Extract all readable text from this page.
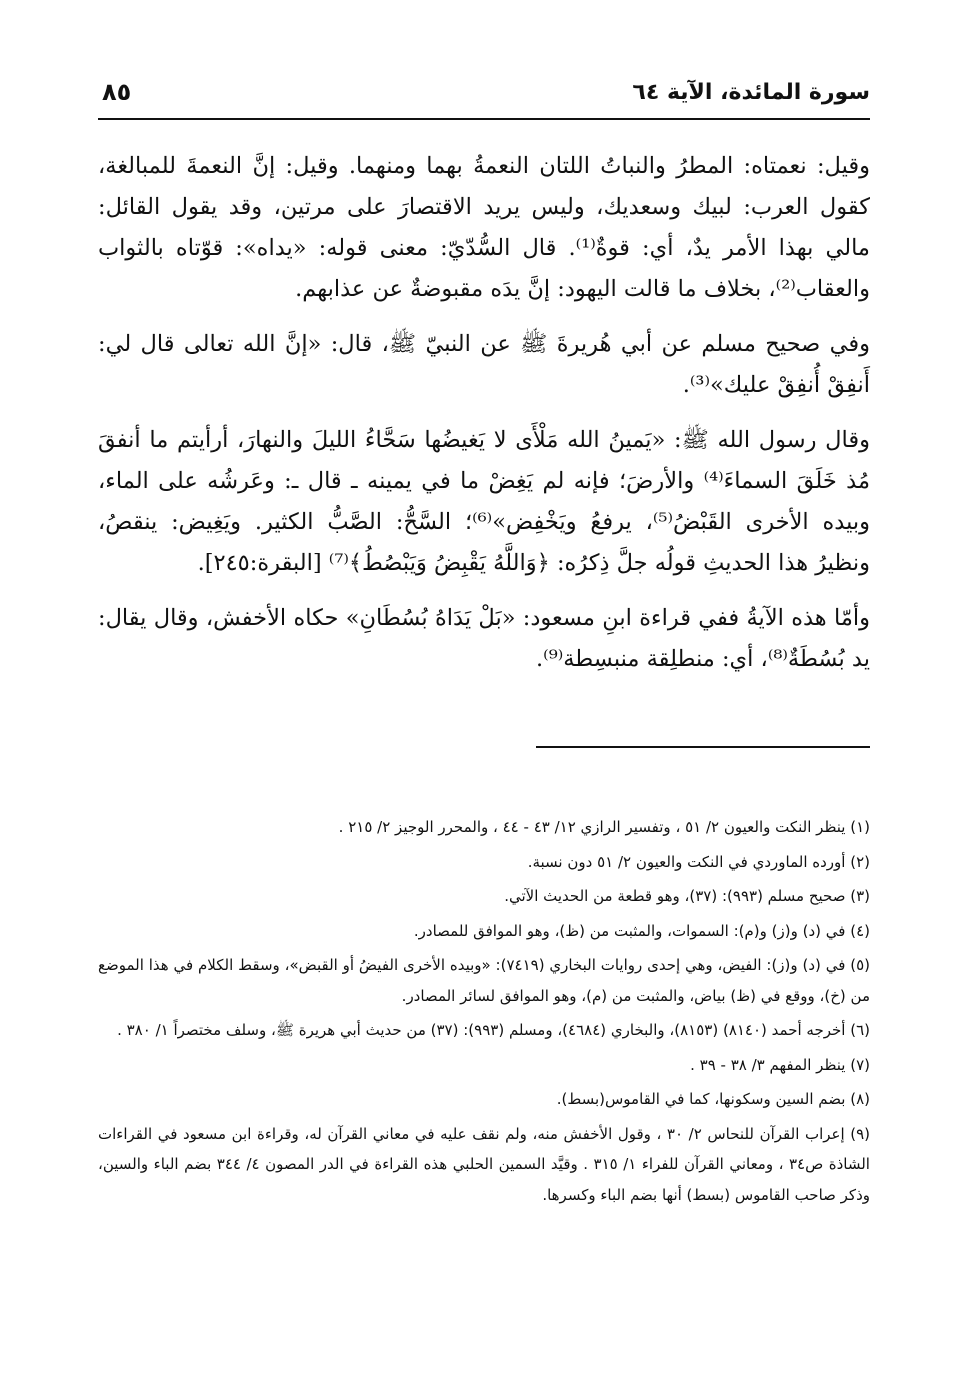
سورة المائدة، الآية ٦٤
٨٥

وقيل: نعمتاه: المطرُ والنباتُ اللتان النعمةُ بهما ومنهما. وقيل: إنَّ النعمةَ للمبالغة، كقول العرب: لبيك وسعديك، وليس يريد الاقتصارَ على مرتين، وقد يقول القائل: مالي بهذا الأمر يدٌ، أي: قوةٌ⁽¹⁾. قال السُّدّيّ: معنى قوله: «يداه»: قوّتاه بالثواب والعقاب⁽²⁾، بخلاف ما قالت اليهود: إنَّ يدَه مقبوضةٌ عن عذابهم.

وفي صحيح مسلم عن أبي هُريرةَ ﷺ عن النبيّ ﷺ، قال: «إنَّ الله تعالى قال لي: أَنفِقْ أُنفِقْ عليك»⁽³⁾.

وقال رسول الله ﷺ: «يَمينُ الله مَلْأَى لا يَغيضُها سَحَّاءُ الليلَ والنهارَ، أرأيتم ما أنفقَ مُذ خَلَقَ السماءَ⁽⁴⁾ والأرضَ؛ فإنه لم يَغِضْ ما في يمينه ـ قال ـ: وعَرشُه على الماء، وبيده الأخرى القَبْضُ⁽⁵⁾، يرفعُ ويَخْفِض»⁽⁶⁾؛ السَّحُّ: الصَّبُّ الكثير. ويَغِيض: ينقصُ، ونظيرُ هذا الحديثِ قولُه جلَّ ذِكرُه: ﴿وَاللَّهُ يَقْبِضُ وَيَبْصُطُ﴾⁽⁷⁾ [البقرة:٢٤٥].

وأمّا هذه الآيةُ ففي قراءة ابنِ مسعود: «بَلْ يَدَاهُ بُسُطَانِ» حكاه الأخفش، وقال يقال: يد بُسُطَةٌ⁽⁸⁾، أي: منطلِقة منبسِطة⁽⁹⁾.

(١) ينظر النكت والعيون ٢/ ٥١ ، وتفسير الرازي ١٢/ ٤٣ - ٤٤ ، والمحرر الوجيز ٢/ ٢١٥ .
(٢) أورده الماوردي في النكت والعيون ٢/ ٥١ دون نسبة.
(٣) صحيح مسلم (٩٩٣): (٣٧)، وهو قطعة من الحديث الآتي.
(٤) في (د) و(ز) و(م): السموات، والمثبت من (ظ)، وهو الموافق للمصادر.
(٥) في (د) و(ز): الفيض، وهي إحدى روايات البخاري (٧٤١٩): «وبيده الأخرى الفيضُ أو القبض»، وسقط الكلام في هذا الموضع من (خ)، ووقع في (ظ) بياض، والمثبت من (م)، وهو الموافق لسائر المصادر.
(٦) أخرجه أحمد (٨١٤٠) (٨١٥٣)، والبخاري (٤٦٨٤)، ومسلم (٩٩٣): (٣٧) من حديث أبي هريرة ﷺ، وسلف مختصراً ١/ ٣٨٠ .
(٧) ينظر المفهم ٣/ ٣٨ - ٣٩ .
(٨) بضم السين وسكونها، كما في القاموس(بسط).
(٩) إعراب القرآن للنحاس ٢/ ٣٠ ، وقول الأخفش منه، ولم نقف عليه في معاني القرآن له، وقراءة ابن مسعود في القراءات الشاذة ص٣٤ ، ومعاني القرآن للفراء ١/ ٣١٥ . وقيَّد السمين الحلبي هذه القراءة في الدر المصون ٤/ ٣٤٤ بضم الباء والسين، وذكر صاحب القاموس (بسط) أنها بضم الباء وكسرها.
